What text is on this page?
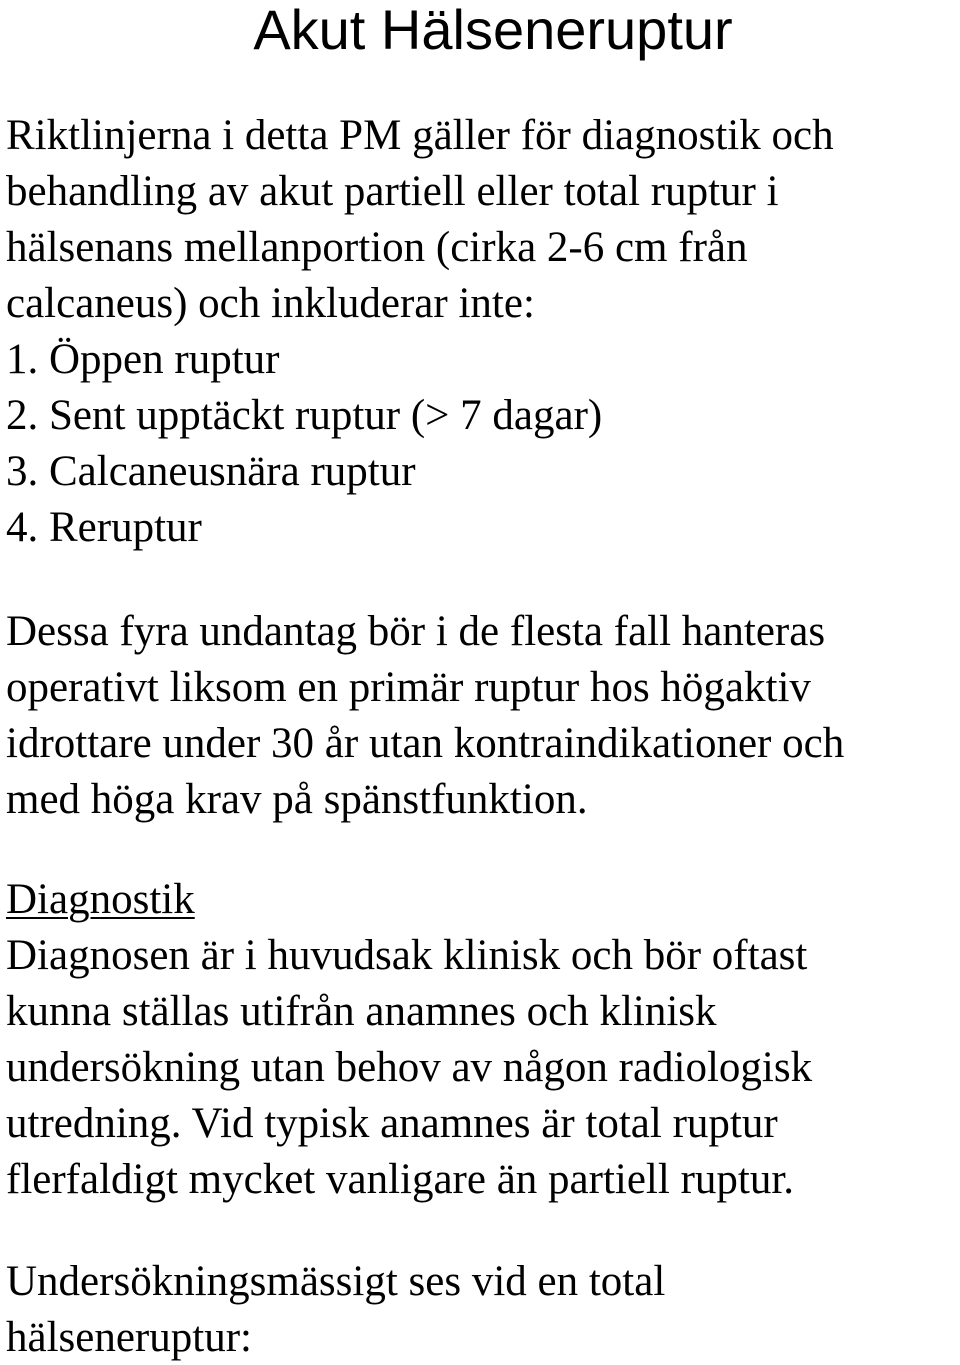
Akut Hälseneruptur

Riktlinjerna i detta PM gäller för diagnostik och
behandling av akut partiell eller total ruptur i
hälsenans mellanportion (cirka 2-6 cm från
calcaneus) och inkluderar inte:

1. Öppen ruptur
2. Sent upptäckt ruptur (> 7 dagar)
3. Calcaneusnära ruptur
4. Reruptur

Dessa fyra undantag bör i de flesta fall hanteras
operativt liksom en primär ruptur hos högaktiv
idrottare under 30 år utan kontraindikationer och
med höga krav på spänstfunktion.

Diagnostik
Diagnosen är i huvudsak klinisk och bör oftast
kunna ställas utifrån anamnes och klinisk
undersökning utan behov av någon radiologisk
utredning. Vid typisk anamnes är total ruptur
flerfaldigt mycket vanligare än partiell ruptur.

Undersökningsmässigt ses vid en total
hälseneruptur:
